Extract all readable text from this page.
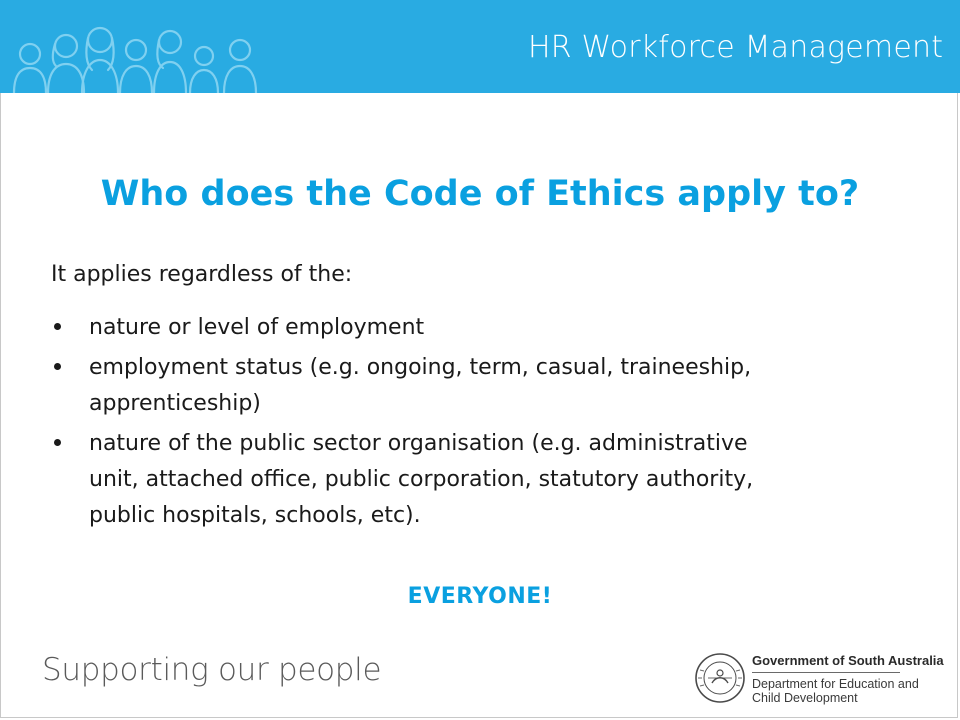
HR Workforce Management
Who does the Code of Ethics apply to?
It applies regardless of the:
nature or level of employment
employment status (e.g. ongoing, term, casual, traineeship,
apprenticeship)
nature of the public sector organisation (e.g. administrative
unit, attached office, public corporation, statutory authority,
public hospitals, schools, etc).
EVERYONE!
Supporting our people	Government of South Australia
Department for Education and
Child Development
